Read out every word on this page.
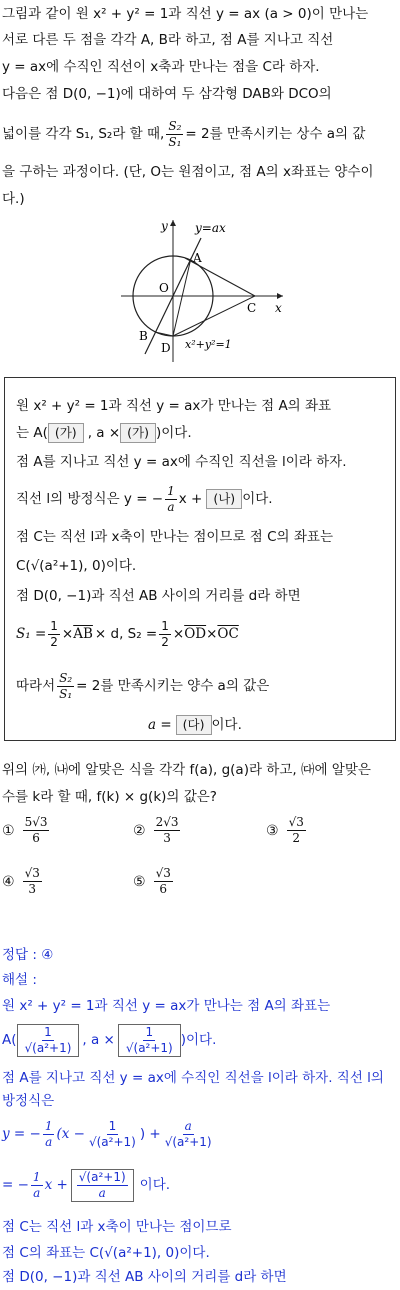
그림과 같이 원 x² + y² = 1과 직선 y = ax (a > 0)이 만나는
서로 다른 두 점을 각각 A, B라 하고, 점 A를 지나고 직선
y = ax에 수직인 직선이 x축과 만나는 점을 C라 하자.
다음은 점 D(0, −1)에 대하여 두 삼각형 DAB와 DCO의
넓이를 각각 S₁, S₂라 할 때, $\frac{\text{S₂}}{\text{S₁}} = 2$를 만족시키는 상수 a의 값
을 구하는 과정이다. (단, O는 원점이고, 점 A의 x좌표는 양수이
다.)
y=ax
A
O
C x
y
B
D x²+y²=1
원 x² + y² = 1과 직선 y = ax가 만나는 점 A의 좌표
는 A( (가) , a × (가) )이다.
점 A를 지나고 직선 y = ax에 수직인 직선을 l이라 하자.
직선 l의 방정식은 y = − $\frac{1}{a}$ x + (나) 이다.
점 C는 직선 l과 x축이 만나는 점이므로 점 C의 좌표는
C(√(a²+1), 0)이다.
점 D(0, −1)과 직선 AB 사이의 거리를 d라 하면
$S_1 = \frac{1}{2} \times \overline{AB} \times d$, $S_2 = \frac{1}{2} \times \overline{OD} \times \overline{OC}$
따라서 $\frac{\text{S₂}}{\text{S₁}} = 2$를 만족시키는 양수 a의 값은
a = (다) 이다.
위의 ㈎, ㈏에 알맞은 식을 각각 f(a), g(a)라 하고, ㈐에 알맞은
수를 k라 할 때, f(k) × g(k)의 값은?
① $\frac{5√3}{6}$	② $\frac{2√3}{3}$	③ $\frac{√3}{2}$
④ $\frac{√3}{3}$	⑤ $\frac{√3}{6}$
정답 : ④
해설 :
원 x² + y² = 1과 직선 y = ax가 만나는 점 A의 좌표는
$A( \frac{1}{\text{√(a²+1)}}$ , $a \times \frac{1}{\text{√(a²+1)}}$ )이다.
점 A를 지나고 직선 y = ax에 수직인 직선을 l이라 하자. 직선 l의
방정식은
y = − $\frac{1}{a} (x - \frac{1}{\text{√(a²+1)}}$ ) + $\frac{a}{\text{√(a²+1)}}$
= − $\frac{1}{a}$ $x + \frac{\text{√(a²+1)}}{a}$ 이다.
점 C는 직선 l과 x축이 만나는 점이므로
점 C의 좌표는 C(√(a²+1), 0)이다.
점 D(0, −1)과 직선 AB 사이의 거리를 d라 하면
